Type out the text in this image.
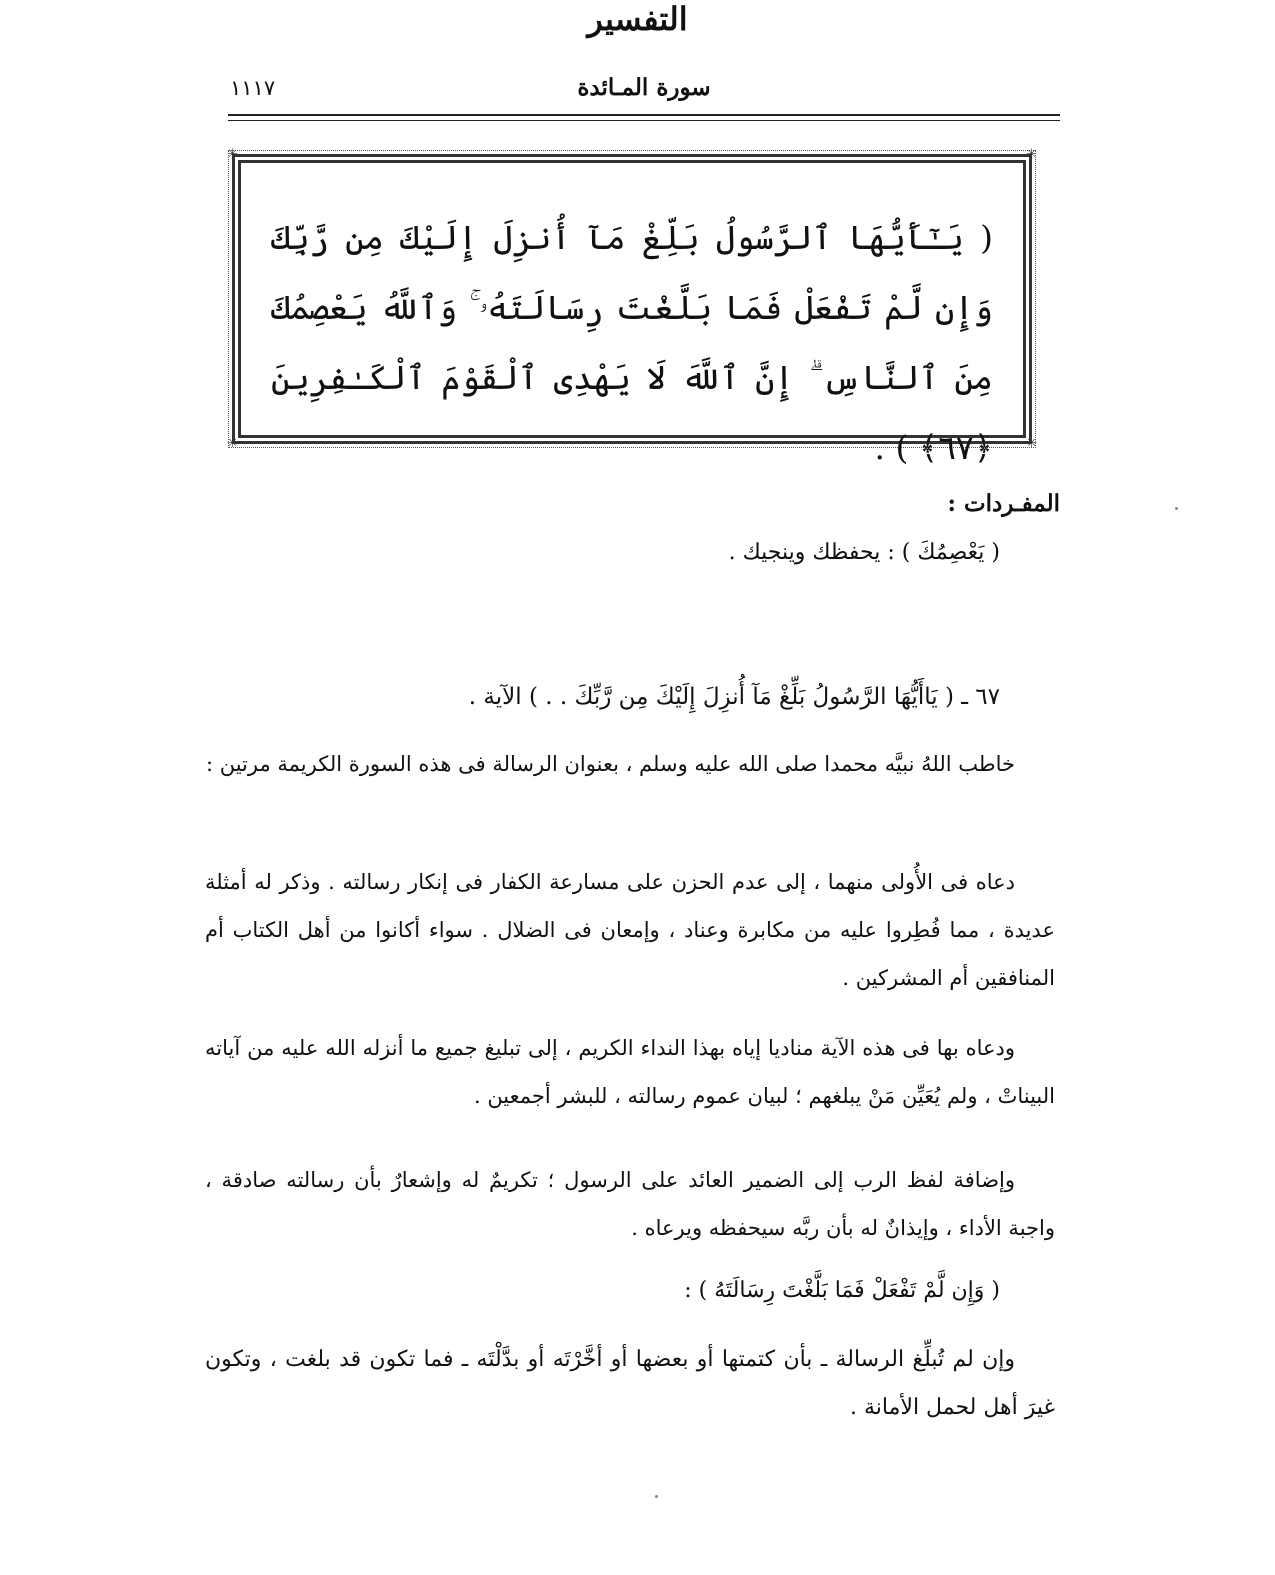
١١١٧	سورة المـائدة
✳	✳
✳	✳
( يَـٰٓأَيُّهَا ٱلرَّسُولُ بَلِّغْ مَآ أُنزِلَ إِلَيْكَ مِن رَّبِّكَ وَإِن لَّمْ تَفْعَلْ فَمَا بَلَّغْتَ رِسَالَتَهُۥ ۚ وَٱللَّهُ يَعْصِمُكَ مِنَ ٱلنَّاسِ ۗ إِنَّ ٱللَّهَ لَا يَهْدِى ٱلْقَوْمَ ٱلْكَـٰفِرِينَ ﴿٦٧﴾ ) .
المفـردات :
( يَعْصِمُكَ ) : يحفظك وينجيك .
التفسير
٦٧ ـ ( يَاأَيُّهَا الرَّسُولُ بَلِّغْ مَآ أُنزِلَ إِلَيْكَ مِن رَّبِّكَ . . ) الآية .
خاطب اللهُ نبيَّه محمدا صلى الله عليه وسلم ، بعنوان الرسالة فى هذه السورة الكريمة مرتين :
دعاه فى الأُولى منهما ، إلى عدم الحزن على مسارعة الكفار فى إنكار رسالته . وذكر له أمثلة عديدة ، مما فُطِروا عليه من مكابرة وعناد ، وإمعان فى الضلال . سواء أكانوا من أهل الكتاب أم المنافقين أم المشركين .
ودعاه بها فى هذه الآية مناديا إياه بهذا النداء الكريم ، إلى تبليغ جميع ما أنزله الله عليه من آياته البيناتْ ، ولم يُعَيِّن مَنْ يبلغهم ؛ لبيان عموم رسالته ، للبشر أجمعين .
وإضافة لفظ الرب إلى الضمير العائد على الرسول ؛ تكريمٌ له وإشعارٌ بأن رسالته صادقة ، واجبة الأداء ، وإيذانٌ له بأن ربَّه سيحفظه ويرعاه .
( وَإِن لَّمْ تَفْعَلْ فَمَا بَلَّغْتَ رِسَالَتَهُ ) :
وإن لم تُبلِّغ الرسالة ـ بأن كتمتها أو بعضها أو أخَّرْتَه أو بدَّلْتَه ـ فما تكون قد بلغت ، وتكون غيرَ أهل لحمل الأمانة .
